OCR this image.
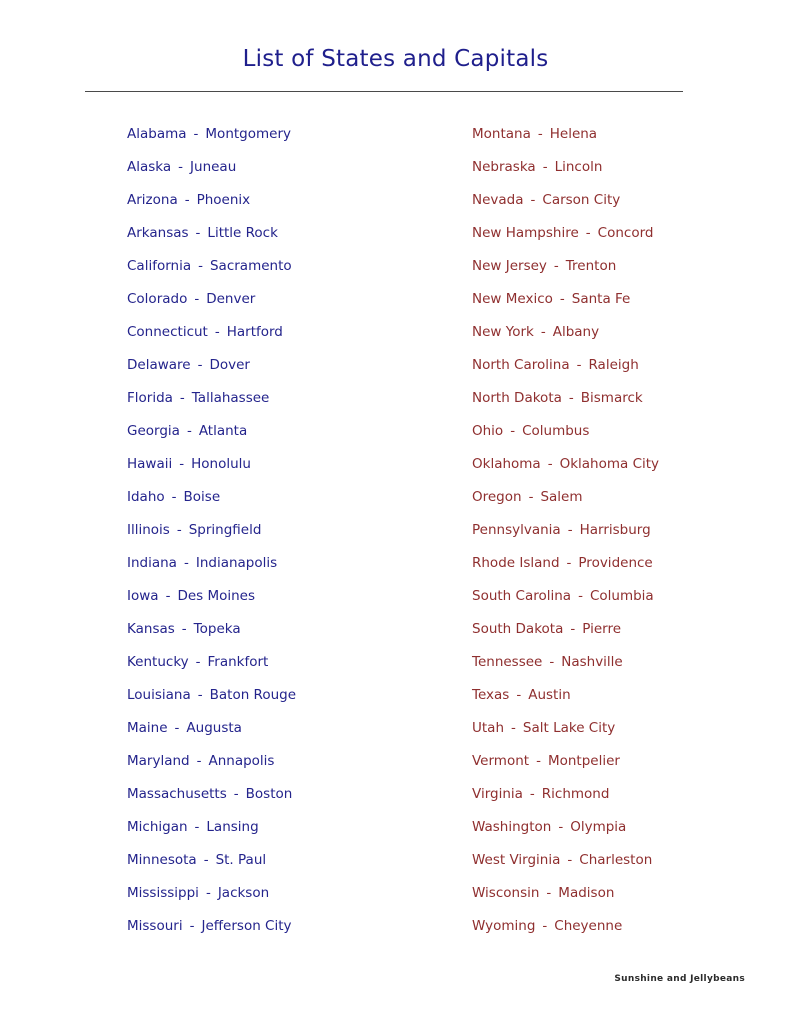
List of States and Capitals
Alabama - Montgomery
Alaska - Juneau
Arizona - Phoenix
Arkansas - Little Rock
California - Sacramento
Colorado - Denver
Connecticut - Hartford
Delaware - Dover
Florida - Tallahassee
Georgia - Atlanta
Hawaii - Honolulu
Idaho - Boise
Illinois - Springfield
Indiana - Indianapolis
Iowa - Des Moines
Kansas - Topeka
Kentucky - Frankfort
Louisiana - Baton Rouge
Maine - Augusta
Maryland - Annapolis
Massachusetts - Boston
Michigan - Lansing
Minnesota - St. Paul
Mississippi - Jackson
Missouri - Jefferson City
Montana - Helena
Nebraska - Lincoln
Nevada - Carson City
New Hampshire - Concord
New Jersey - Trenton
New Mexico - Santa Fe
New York - Albany
North Carolina - Raleigh
North Dakota - Bismarck
Ohio - Columbus
Oklahoma - Oklahoma City
Oregon - Salem
Pennsylvania - Harrisburg
Rhode Island - Providence
South Carolina - Columbia
South Dakota - Pierre
Tennessee - Nashville
Texas - Austin
Utah - Salt Lake City
Vermont - Montpelier
Virginia - Richmond
Washington - Olympia
West Virginia - Charleston
Wisconsin - Madison
Wyoming - Cheyenne
Sunshine and Jellybeans
